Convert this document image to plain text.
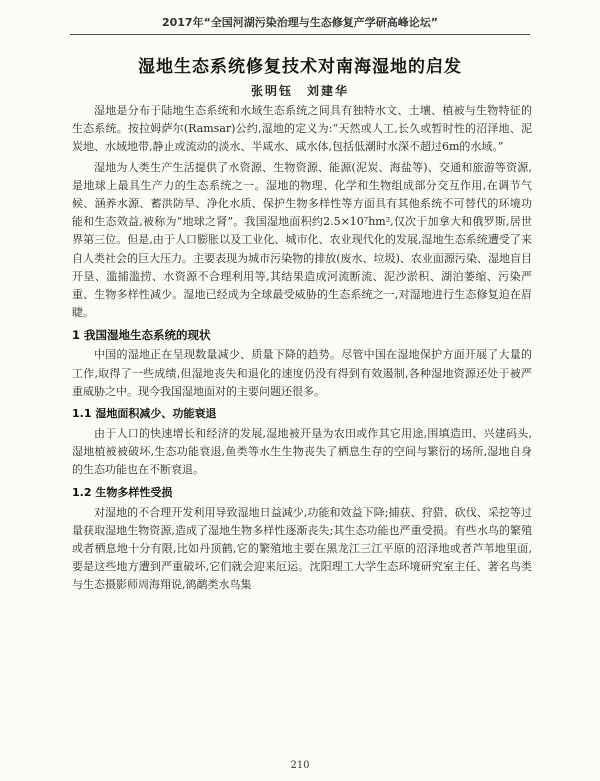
2017年“全国河湖污染治理与生态修复产学研高峰论坛”
湿地生态系统修复技术对南海湿地的启发
张明钰　刘建华

湿地是分布于陆地生态系统和水域生态系统之间具有独特水文、土壤、植被与生物特征的生态系统。按拉姆萨尔(Ramsar)公约,湿地的定义为:“天然或人工,长久或暂时性的沼泽地、泥炭地、水域地带,静止或流动的淡水、半咸水、咸水体,包括低潮时水深不超过6m的水域。”

湿地为人类生产生活提供了水资源、生物资源、能源(泥炭、海盐等)、交通和旅游等资源,是地球上最具生产力的生态系统之一。湿地的物理、化学和生物组成部分交互作用,在调节气候、涵养水源、蓄洪防旱、净化水质、保护生物多样性等方面具有其他系统不可替代的环境功能和生态效益,被称为“地球之肾”。我国湿地面积约2.5×10⁷hm²,仅次于加拿大和俄罗斯,居世界第三位。但是,由于人口膨胀以及工业化、城市化、农业现代化的发展,湿地生态系统遭受了来自人类社会的巨大压力。主要表现为城市污染物的排放(废水、垃圾)、农业面源污染、湿地盲目开垦、滥捕滥捞、水资源不合理利用等,其结果造成河流断流、泥沙淤积、湖泊萎缩、污染严重、生物多样性减少。湿地已经成为全球最受威胁的生态系统之一,对湿地进行生态修复迫在眉睫。

1 我国湿地生态系统的现状

中国的湿地正在呈现数量减少、质量下降的趋势。尽管中国在湿地保护方面开展了大量的工作,取得了一些成绩,但湿地丧失和退化的速度仍没有得到有效遏制,各种湿地资源还处于被严重威胁之中。现今我国湿地面对的主要问题还很多。

1.1 湿地面积减少、功能衰退

由于人口的快速增长和经济的发展,湿地被开垦为农田或作其它用途,围填造田、兴建码头,湿地植被被破坏,生态功能衰退,鱼类等水生生物丧失了栖息生存的空间与繁衍的场所,湿地自身的生态功能也在不断衰退。

1.2 生物多样性受损

对湿地的不合理开发利用导致湿地日益减少,功能和效益下降;捕获、狩猎、砍伐、采挖等过量获取湿地生物资源,造成了湿地生物多样性逐渐丧失;其生态功能也严重受损。有些水鸟的繁殖或者栖息地十分有限,比如丹顶鹤,它的繁殖地主要在黑龙江三江平原的沼泽地或者芦苇地里面,要是这些地方遭到严重破坏,它们就会迎来厄运。沈阳理工大学生态环境研究室主任、著名鸟类与生态摄影师周海翔说,鹆鹬类水鸟集

210
